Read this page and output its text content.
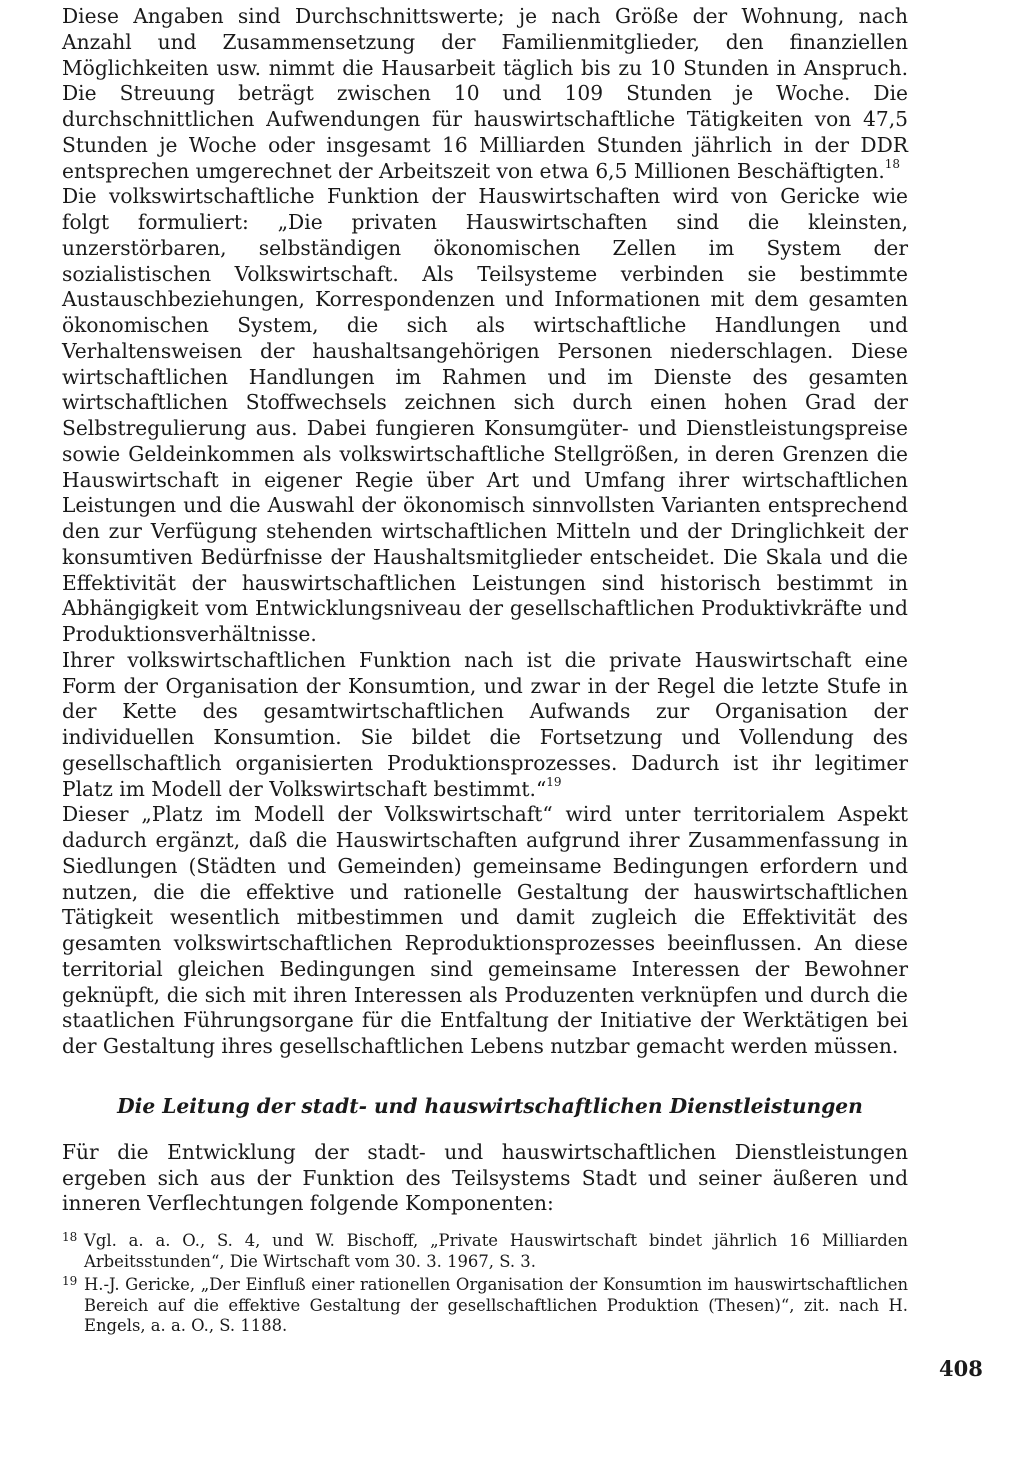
Diese Angaben sind Durchschnittswerte; je nach Größe der Wohnung, nach Anzahl und Zusammensetzung der Familienmitglieder, den finanziellen Möglichkeiten usw. nimmt die Hausarbeit täglich bis zu 10 Stunden in Anspruch. Die Streuung beträgt zwischen 10 und 109 Stunden je Woche. Die durchschnittlichen Aufwendungen für hauswirtschaftliche Tätigkeiten von 47,5 Stunden je Woche oder insgesamt 16 Milliarden Stunden jährlich in der DDR entsprechen umgerechnet der Arbeitszeit von etwa 6,5 Millionen Beschäftigten.$^{18}$

Die volkswirtschaftliche Funktion der Hauswirtschaften wird von Gericke wie folgt formuliert: „Die privaten Hauswirtschaften sind die kleinsten, unzerstörbaren, selbständigen ökonomischen Zellen im System der sozialistischen Volkswirtschaft. Als Teilsysteme verbinden sie bestimmte Austauschbeziehungen, Korrespondenzen und Informationen mit dem gesamten ökonomischen System, die sich als wirtschaftliche Handlungen und Verhaltensweisen der haushaltsangehörigen Personen niederschlagen. Diese wirtschaftlichen Handlungen im Rahmen und im Dienste des gesamten wirtschaftlichen Stoffwechsels zeichnen sich durch einen hohen Grad der Selbstregulierung aus. Dabei fungieren Konsumgüter- und Dienstleistungspreise sowie Geldeinkommen als volkswirtschaftliche Stellgrößen, in deren Grenzen die Hauswirtschaft in eigener Regie über Art und Umfang ihrer wirtschaftlichen Leistungen und die Auswahl der ökonomisch sinnvollsten Varianten entsprechend den zur Verfügung stehenden wirtschaftlichen Mitteln und der Dringlichkeit der konsumtiven Bedürfnisse der Haushaltsmitglieder entscheidet. Die Skala und die Effektivität der hauswirtschaftlichen Leistungen sind historisch bestimmt in Abhängigkeit vom Entwicklungsniveau der gesellschaftlichen Produktivkräfte und Produktionsverhältnisse.

Ihrer volkswirtschaftlichen Funktion nach ist die private Hauswirtschaft eine Form der Organisation der Konsumtion, und zwar in der Regel die letzte Stufe in der Kette des gesamtwirtschaftlichen Aufwands zur Organisation der individuellen Konsumtion. Sie bildet die Fortsetzung und Vollendung des gesellschaftlich organisierten Produktionsprozesses. Dadurch ist ihr legitimer Platz im Modell der Volkswirtschaft bestimmt.“$^{19}$

Dieser „Platz im Modell der Volkswirtschaft“ wird unter territorialem Aspekt dadurch ergänzt, daß die Hauswirtschaften aufgrund ihrer Zusammenfassung in Siedlungen (Städten und Gemeinden) gemeinsame Bedingungen erfordern und nutzen, die die effektive und rationelle Gestaltung der hauswirtschaftlichen Tätigkeit wesentlich mitbestimmen und damit zugleich die Effektivität des gesamten volkswirtschaftlichen Reproduktionsprozesses beeinflussen. An diese territorial gleichen Bedingungen sind gemeinsame Interessen der Bewohner geknüpft, die sich mit ihren Interessen als Produzenten verknüpfen und durch die staatlichen Führungsorgane für die Entfaltung der Initiative der Werktätigen bei der Gestaltung ihres gesellschaftlichen Lebens nutzbar gemacht werden müssen.

Die Leitung der stadt- und hauswirtschaftlichen Dienstleistungen

Für die Entwicklung der stadt- und hauswirtschaftlichen Dienstleistungen ergeben sich aus der Funktion des Teilsystems Stadt und seiner äußeren und inneren Verflechtungen folgende Komponenten:

18 Vgl. a. a. O., S. 4, und W. Bischoff, „Private Hauswirtschaft bindet jährlich 16 Milliarden Arbeitsstunden“, Die Wirtschaft vom 30. 3. 1967, S. 3.

19 H.-J. Gericke, „Der Einfluß einer rationellen Organisation der Konsumtion im hauswirtschaftlichen Bereich auf die effektive Gestaltung der gesellschaftlichen Produktion (Thesen)“, zit. nach H. Engels, a. a. O., S. 1188.

408
